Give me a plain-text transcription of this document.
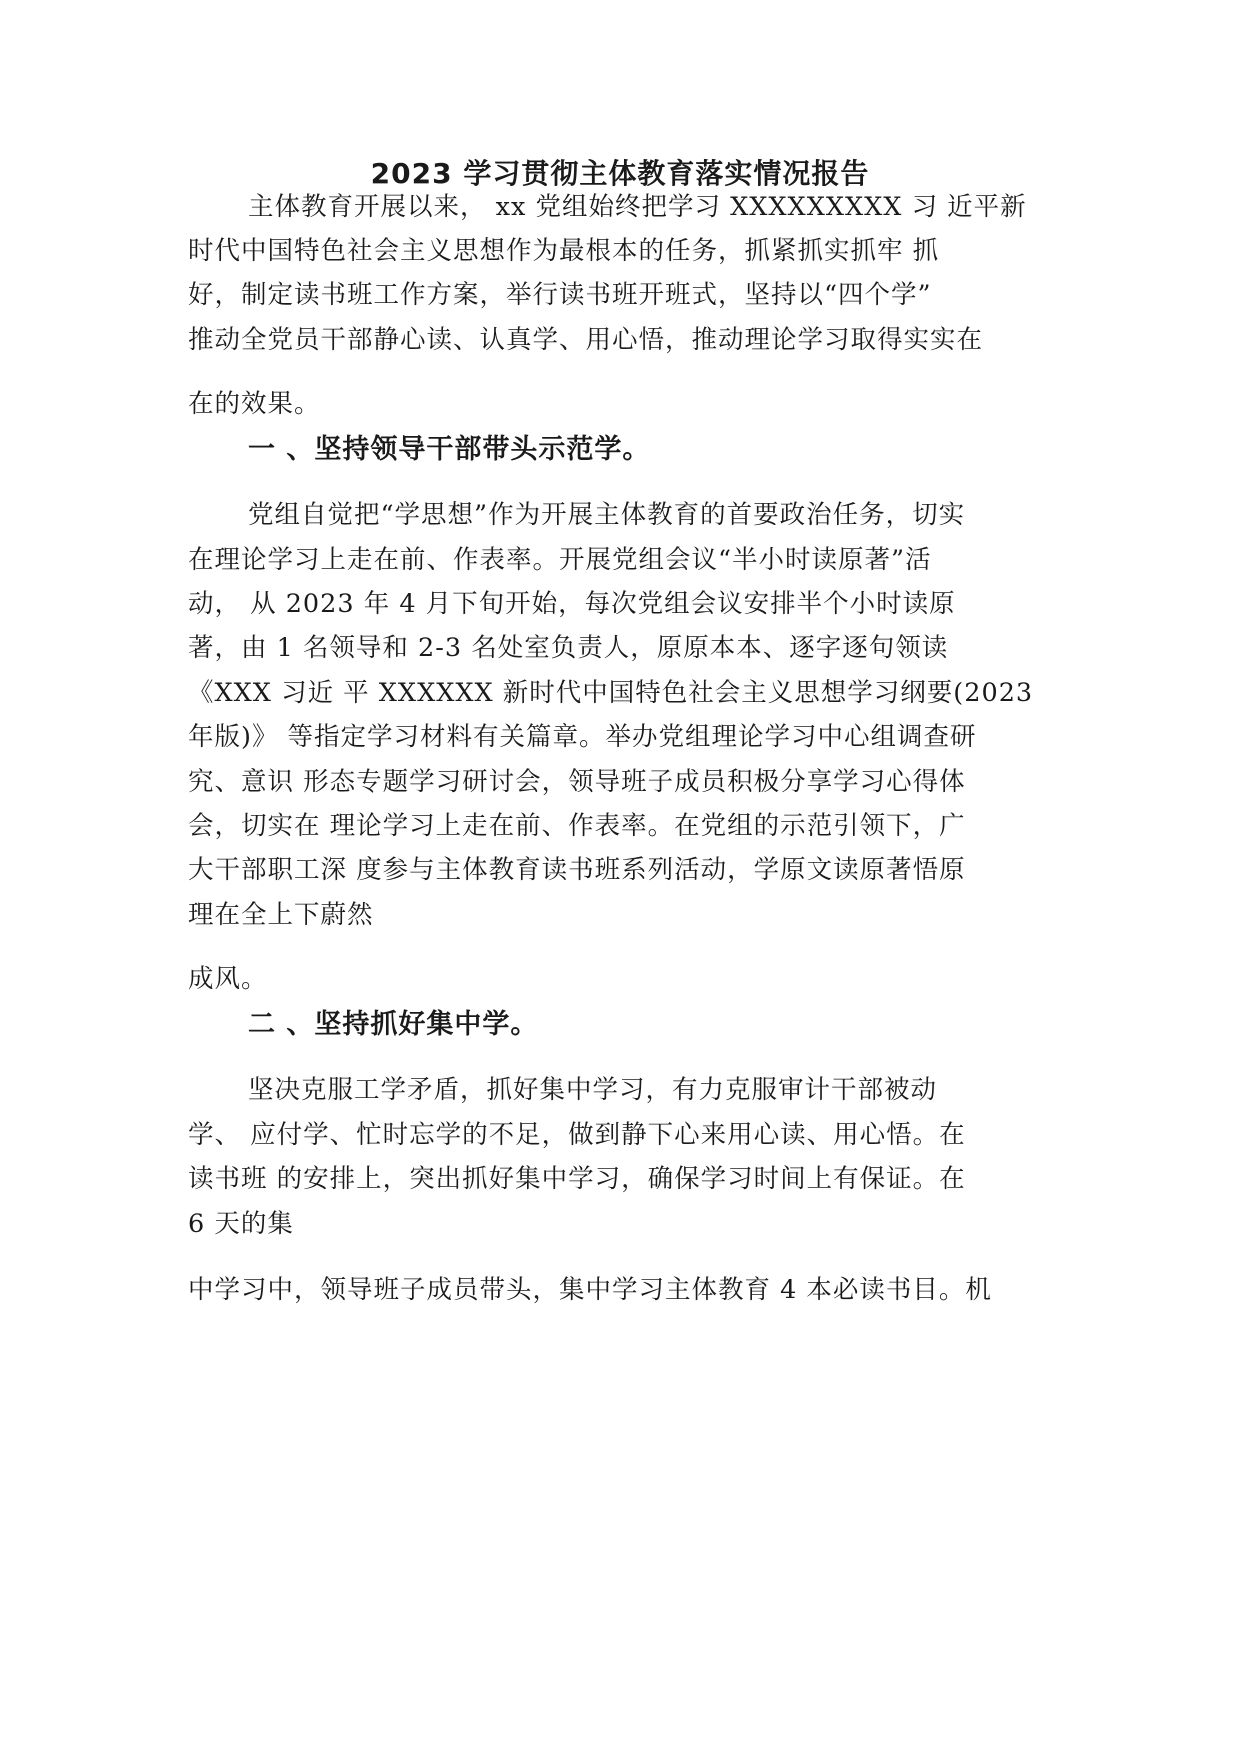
2023 学习贯彻主体教育落实情况报告
主体教育开展以来， xx 党组始终把学习 XXXXXXXXX 习 近平新
时代中国特色社会主义思想作为最根本的任务，抓紧抓实抓牢 抓
好，制定读书班工作方案，举行读书班开班式，坚持以“四个学”
推动全党员干部静心读、认真学、用心悟，推动理论学习取得实实在
在的效果。
一 、坚持领导干部带头示范学。
党组自觉把“学思想”作为开展主体教育的首要政治任务，切实
在理论学习上走在前、作表率。开展党组会议“半小时读原著”活
动， 从 2023 年 4 月下旬开始，每次党组会议安排半个小时读原
著，由 1 名领导和 2-3 名处室负责人，原原本本、逐字逐句领读
《XXX 习近 平 XXXXXX 新时代中国特色社会主义思想学习纲要(2023
年版)》 等指定学习材料有关篇章。举办党组理论学习中心组调查研
究、意识 形态专题学习研讨会，领导班子成员积极分享学习心得体
会，切实在 理论学习上走在前、作表率。在党组的示范引领下，广
大干部职工深 度参与主体教育读书班系列活动，学原文读原著悟原
理在全上下蔚然
成风。
二 、坚持抓好集中学。
坚决克服工学矛盾，抓好集中学习，有力克服审计干部被动
学、 应付学、忙时忘学的不足，做到静下心来用心读、用心悟。在
读书班 的安排上，突出抓好集中学习，确保学习时间上有保证。在
6 天的集
中学习中，领导班子成员带头，集中学习主体教育 4 本必读书目。机
